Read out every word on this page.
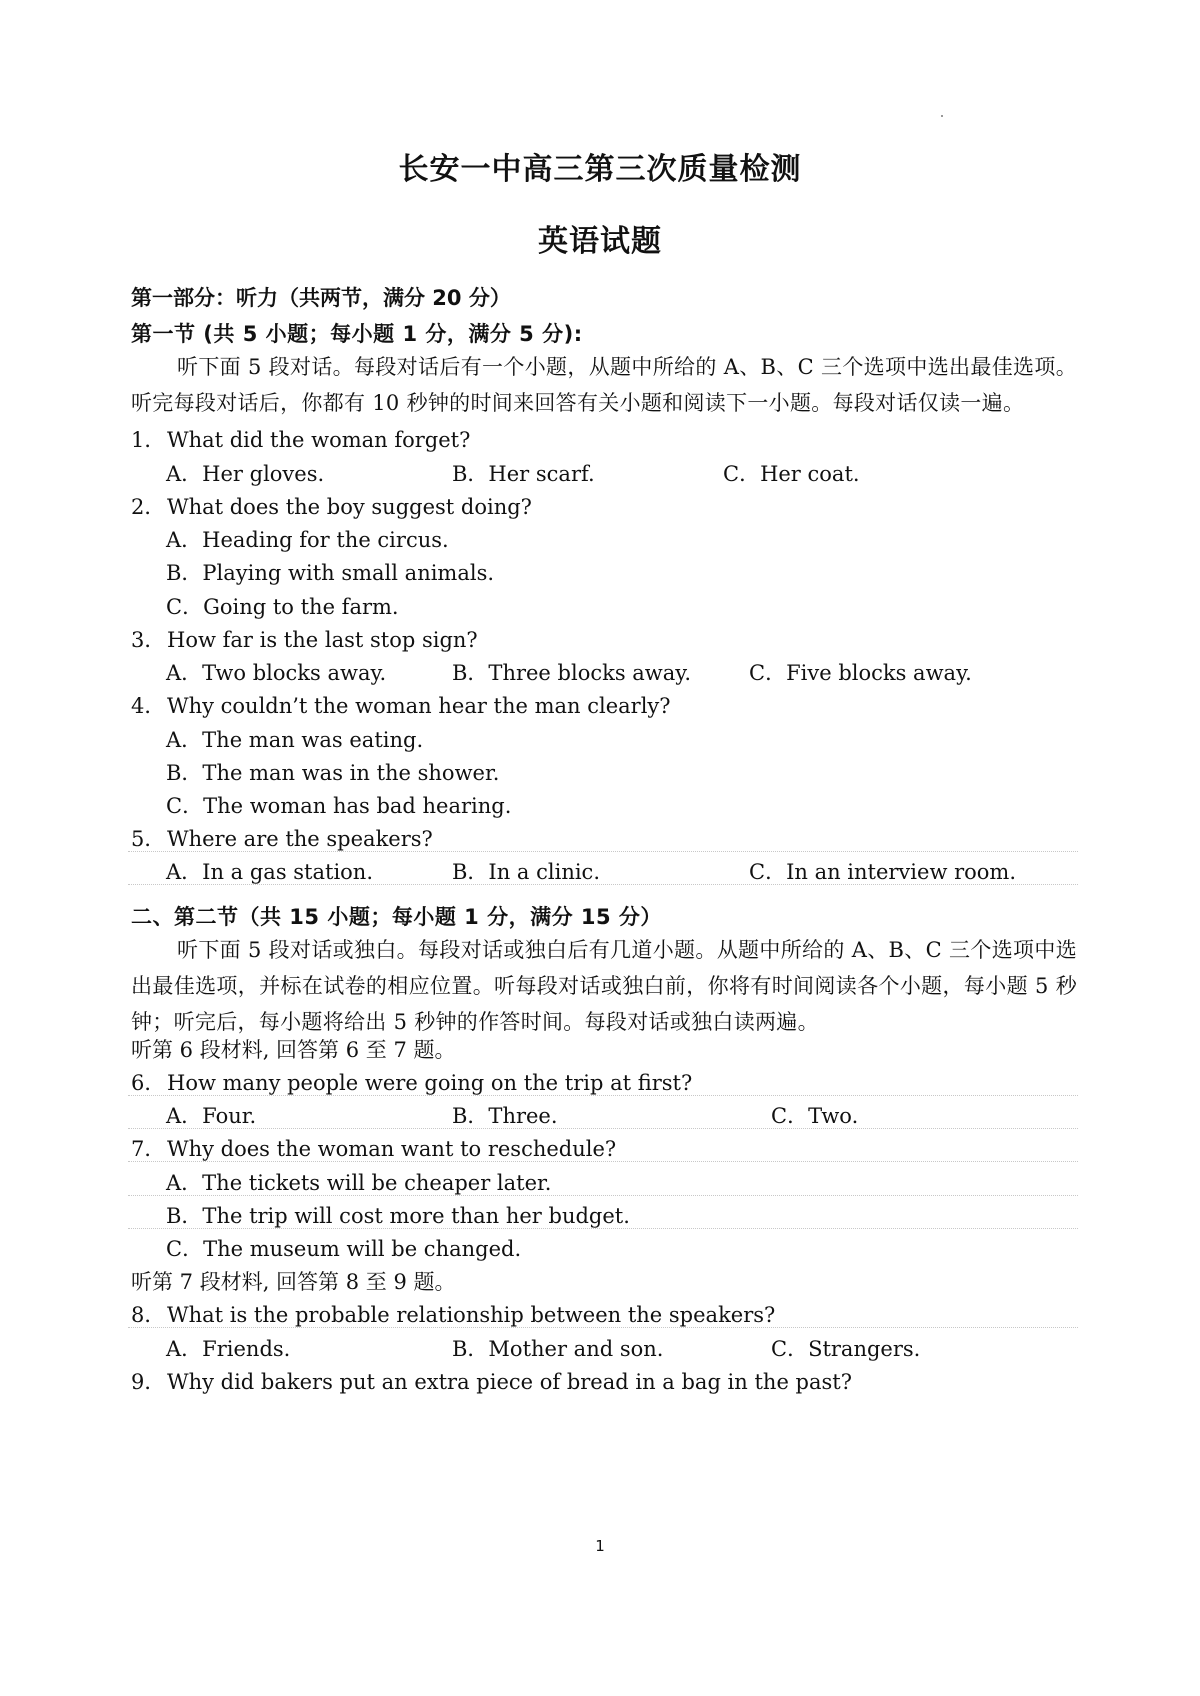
长安一中高三第三次质量检测
英语试题
第一部分：听力（共两节，满分 20 分）
第一节 (共 5 小题；每小题 1 分，满分 5 分):
听下面 5 段对话。每段对话后有一个小题，从题中所给的 A、B、C 三个选项中选出最佳选项。听完每段对话后，你都有 10 秒钟的时间来回答有关小题和阅读下一小题。每段对话仅读一遍。
1．What did the woman forget?
A．Her gloves.	B．Her scarf.	C．Her coat.
2．What does the boy suggest doing?
A．Heading for the circus.
B．Playing with small animals.
C．Going to the farm.
3．How far is the last stop sign?
A．Two blocks away.	B．Three blocks away.	C．Five blocks away.
4．Why couldn’t the woman hear the man clearly?
A．The man was eating.
B．The man was in the shower.
C．The woman has bad hearing.
5．Where are the speakers?
A．In a gas station.	B．In a clinic.	C．In an interview room.
二、第二节（共 15 小题；每小题 1 分，满分 15 分）
听下面 5 段对话或独白。每段对话或独白后有几道小题。从题中所给的 A、B、C 三个选项中选出最佳选项，并标在试卷的相应位置。听每段对话或独白前，你将有时间阅读各个小题，每小题 5 秒钟；听完后，每小题将给出 5 秒钟的作答时间。每段对话或独白读两遍。
听第 6 段材料, 回答第 6 至 7 题。
6．How many people were going on the trip at first?
A．Four.	B．Three.	C．Two.
7．Why does the woman want to reschedule?
A．The tickets will be cheaper later.
B．The trip will cost more than her budget.
C．The museum will be changed.
听第 7 段材料, 回答第 8 至 9 题。
8．What is the probable relationship between the speakers?
A．Friends.	B．Mother and son.	C．Strangers.
9．Why did bakers put an extra piece of bread in a bag in the past?
1
